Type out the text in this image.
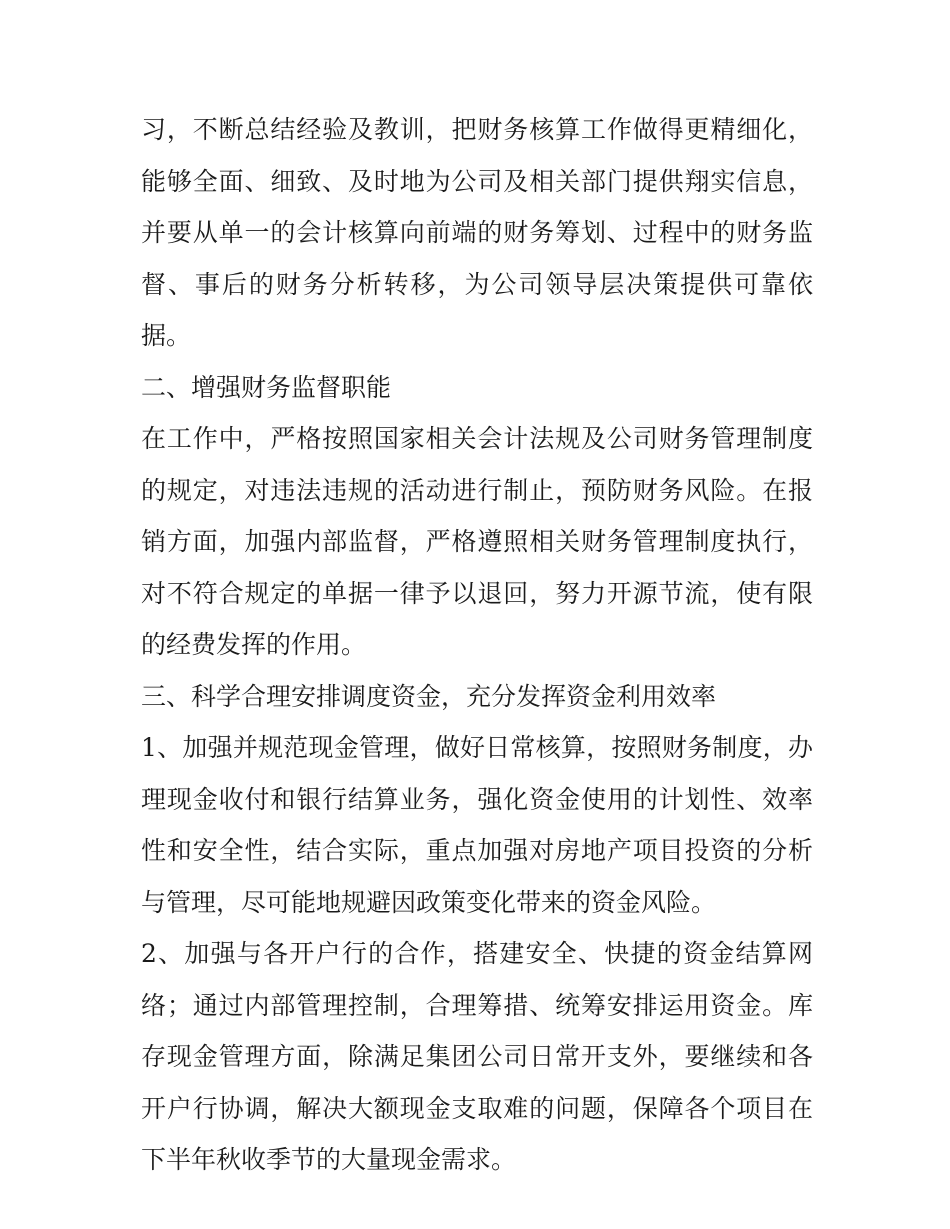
习，不断总结经验及教训，把财务核算工作做得更精细化，能够全面、细致、及时地为公司及相关部门提供翔实信息，并要从单一的会计核算向前端的财务筹划、过程中的财务监督、事后的财务分析转移，为公司领导层决策提供可靠依据。

二、增强财务监督职能

在工作中，严格按照国家相关会计法规及公司财务管理制度的规定，对违法违规的活动进行制止，预防财务风险。在报销方面，加强内部监督，严格遵照相关财务管理制度执行，对不符合规定的单据一律予以退回，努力开源节流，使有限的经费发挥的作用。

三、科学合理安排调度资金，充分发挥资金利用效率

1、加强并规范现金管理，做好日常核算，按照财务制度，办理现金收付和银行结算业务，强化资金使用的计划性、效率性和安全性，结合实际，重点加强对房地产项目投资的分析与管理，尽可能地规避因政策变化带来的资金风险。

2、加强与各开户行的合作，搭建安全、快捷的资金结算网络；通过内部管理控制，合理筹措、统筹安排运用资金。库存现金管理方面，除满足集团公司日常开支外，要继续和各开户行协调，解决大额现金支取难的问题，保障各个项目在下半年秋收季节的大量现金需求。
